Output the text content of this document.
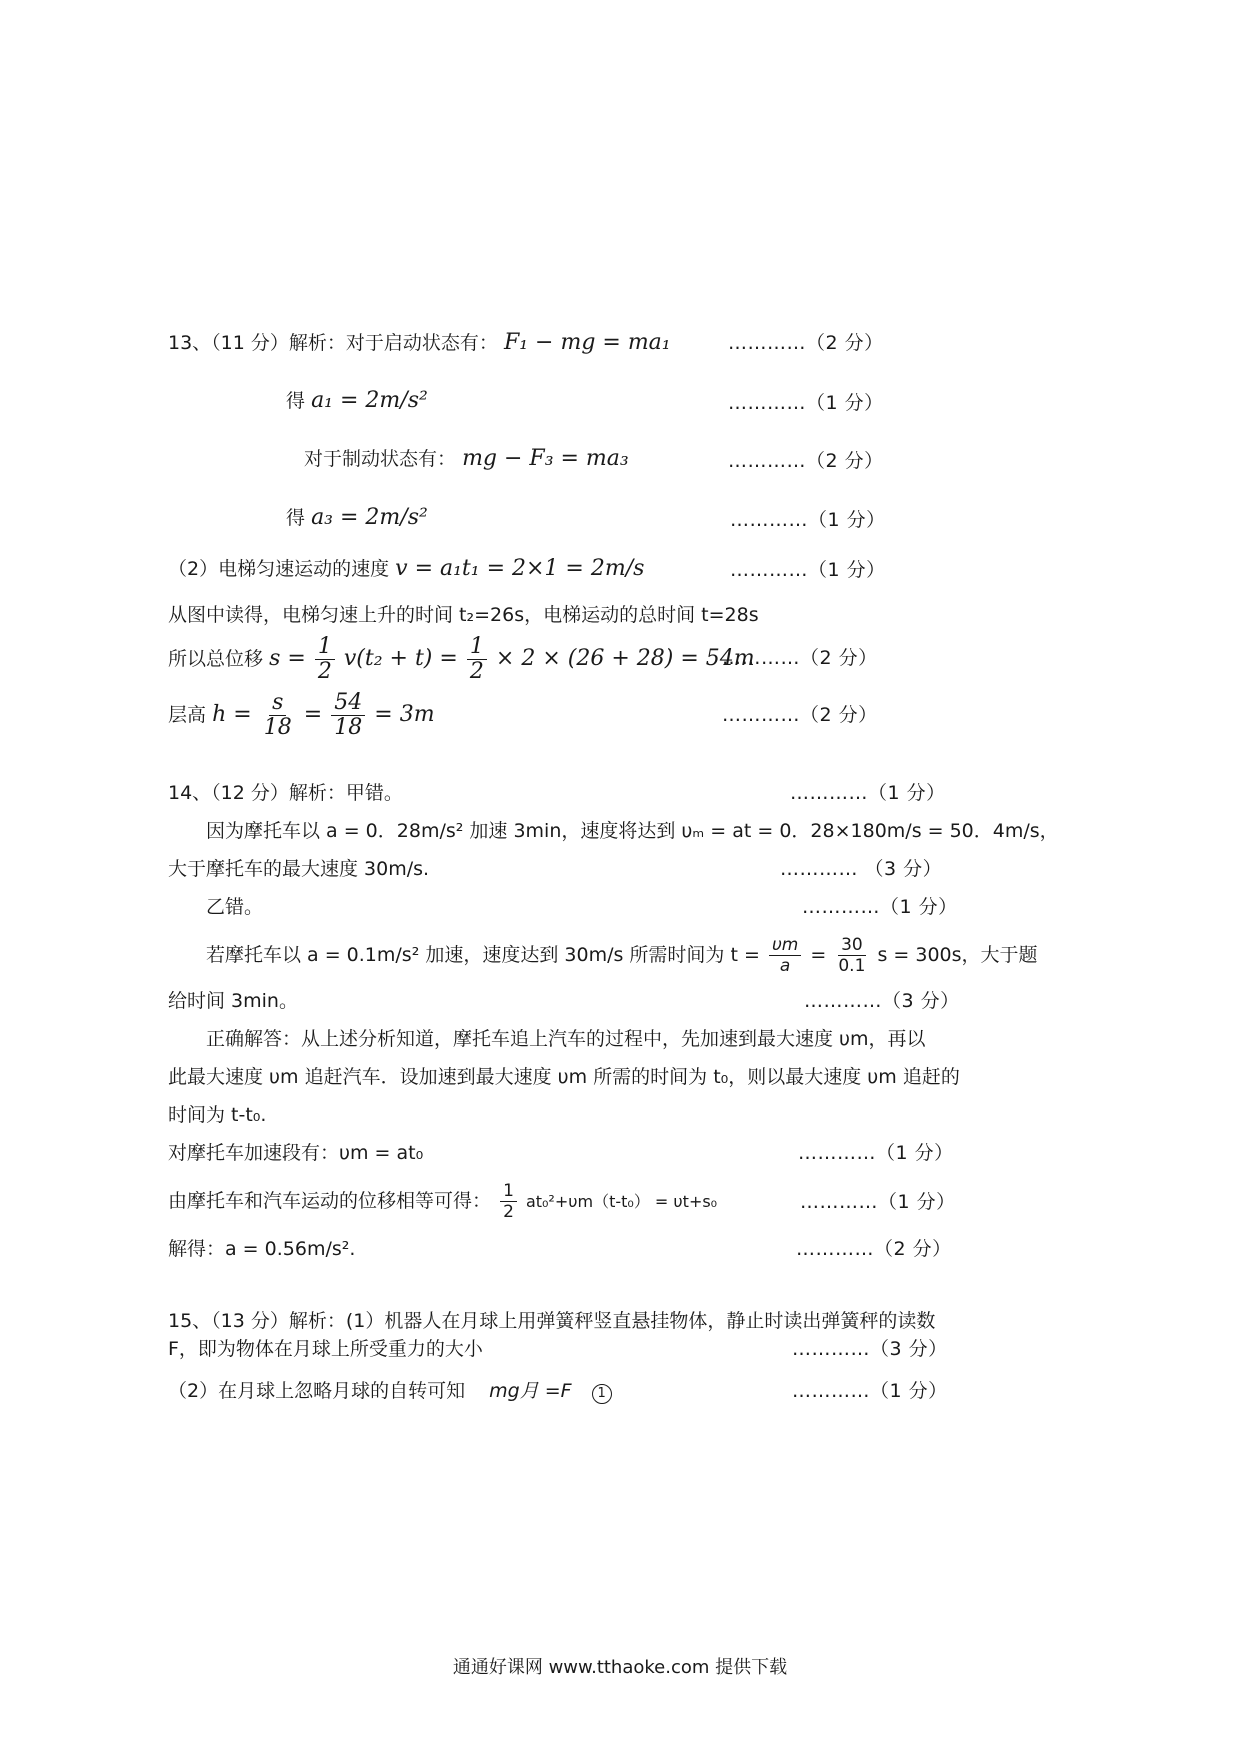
13、（11 分）解析：对于启动状态有： F₁ − mg = ma₁	…………（2 分）
得 a₁ = 2m/s²	…………（1 分）
对于制动状态有： mg − F₃ = ma₃	…………（2 分）
得 a₃ = 2m/s²	…………（1 分）
（2）电梯匀速运动的速度 v = a₁t₁ = 2×1 = 2m/s	…………（1 分）
从图中读得，电梯匀速上升的时间 t₂=26s，电梯运动的总时间 t=28s
所以总位移 $s = \frac{1}{2} v(t_2 + t) = \frac{1}{2} \times 2 \times (26 + 28) = 54m$
…………（2 分）
层高 $h = \frac{s}{18} = \frac{54}{18} = 3m$	…………（2 分）
14、（12 分）解析：甲错。	…………（1 分）
因为摩托车以 a = 0．28m/s² 加速 3min，速度将达到 υₘ = at = 0．28×180m/s = 50．4m/s，
大于摩托车的最大速度 30m/s.	………… （3 分）
乙错。	…………（1 分）
若摩托车以 a = 0.1m/s² 加速，速度达到 30m/s 所需时间为 $t = \frac{\upsilon m}{a} = \frac{30}{0.1}$ s = 300s，大于题
给时间 3min。	…………（3 分）
正确解答：从上述分析知道，摩托车追上汽车的过程中，先加速到最大速度 υm，再以
此最大速度 υm 追赶汽车．设加速到最大速度 υm 所需的时间为 t₀，则以最大速度 υm 追赶的
时间为 t-t₀.
对摩托车加速段有：υm = at₀	…………（1 分）
由摩托车和汽车运动的位移相等可得： $\frac{1}{2} at_0^2+\upsilon m(t-t_0) = \upsilon t+s_0$	…………（1 分）
解得：a = 0.56m/s².	…………（2 分）
15、（13 分）解析：(1）机器人在月球上用弹簧秤竖直悬挂物体，静止时读出弹簧秤的读数
F，即为物体在月球上所受重力的大小	…………（3 分）
（2）在月球上忽略月球的自转可知 mg月 =F 1	…………（1 分）
通通好课网 www.tthaoke.com 提供下载
